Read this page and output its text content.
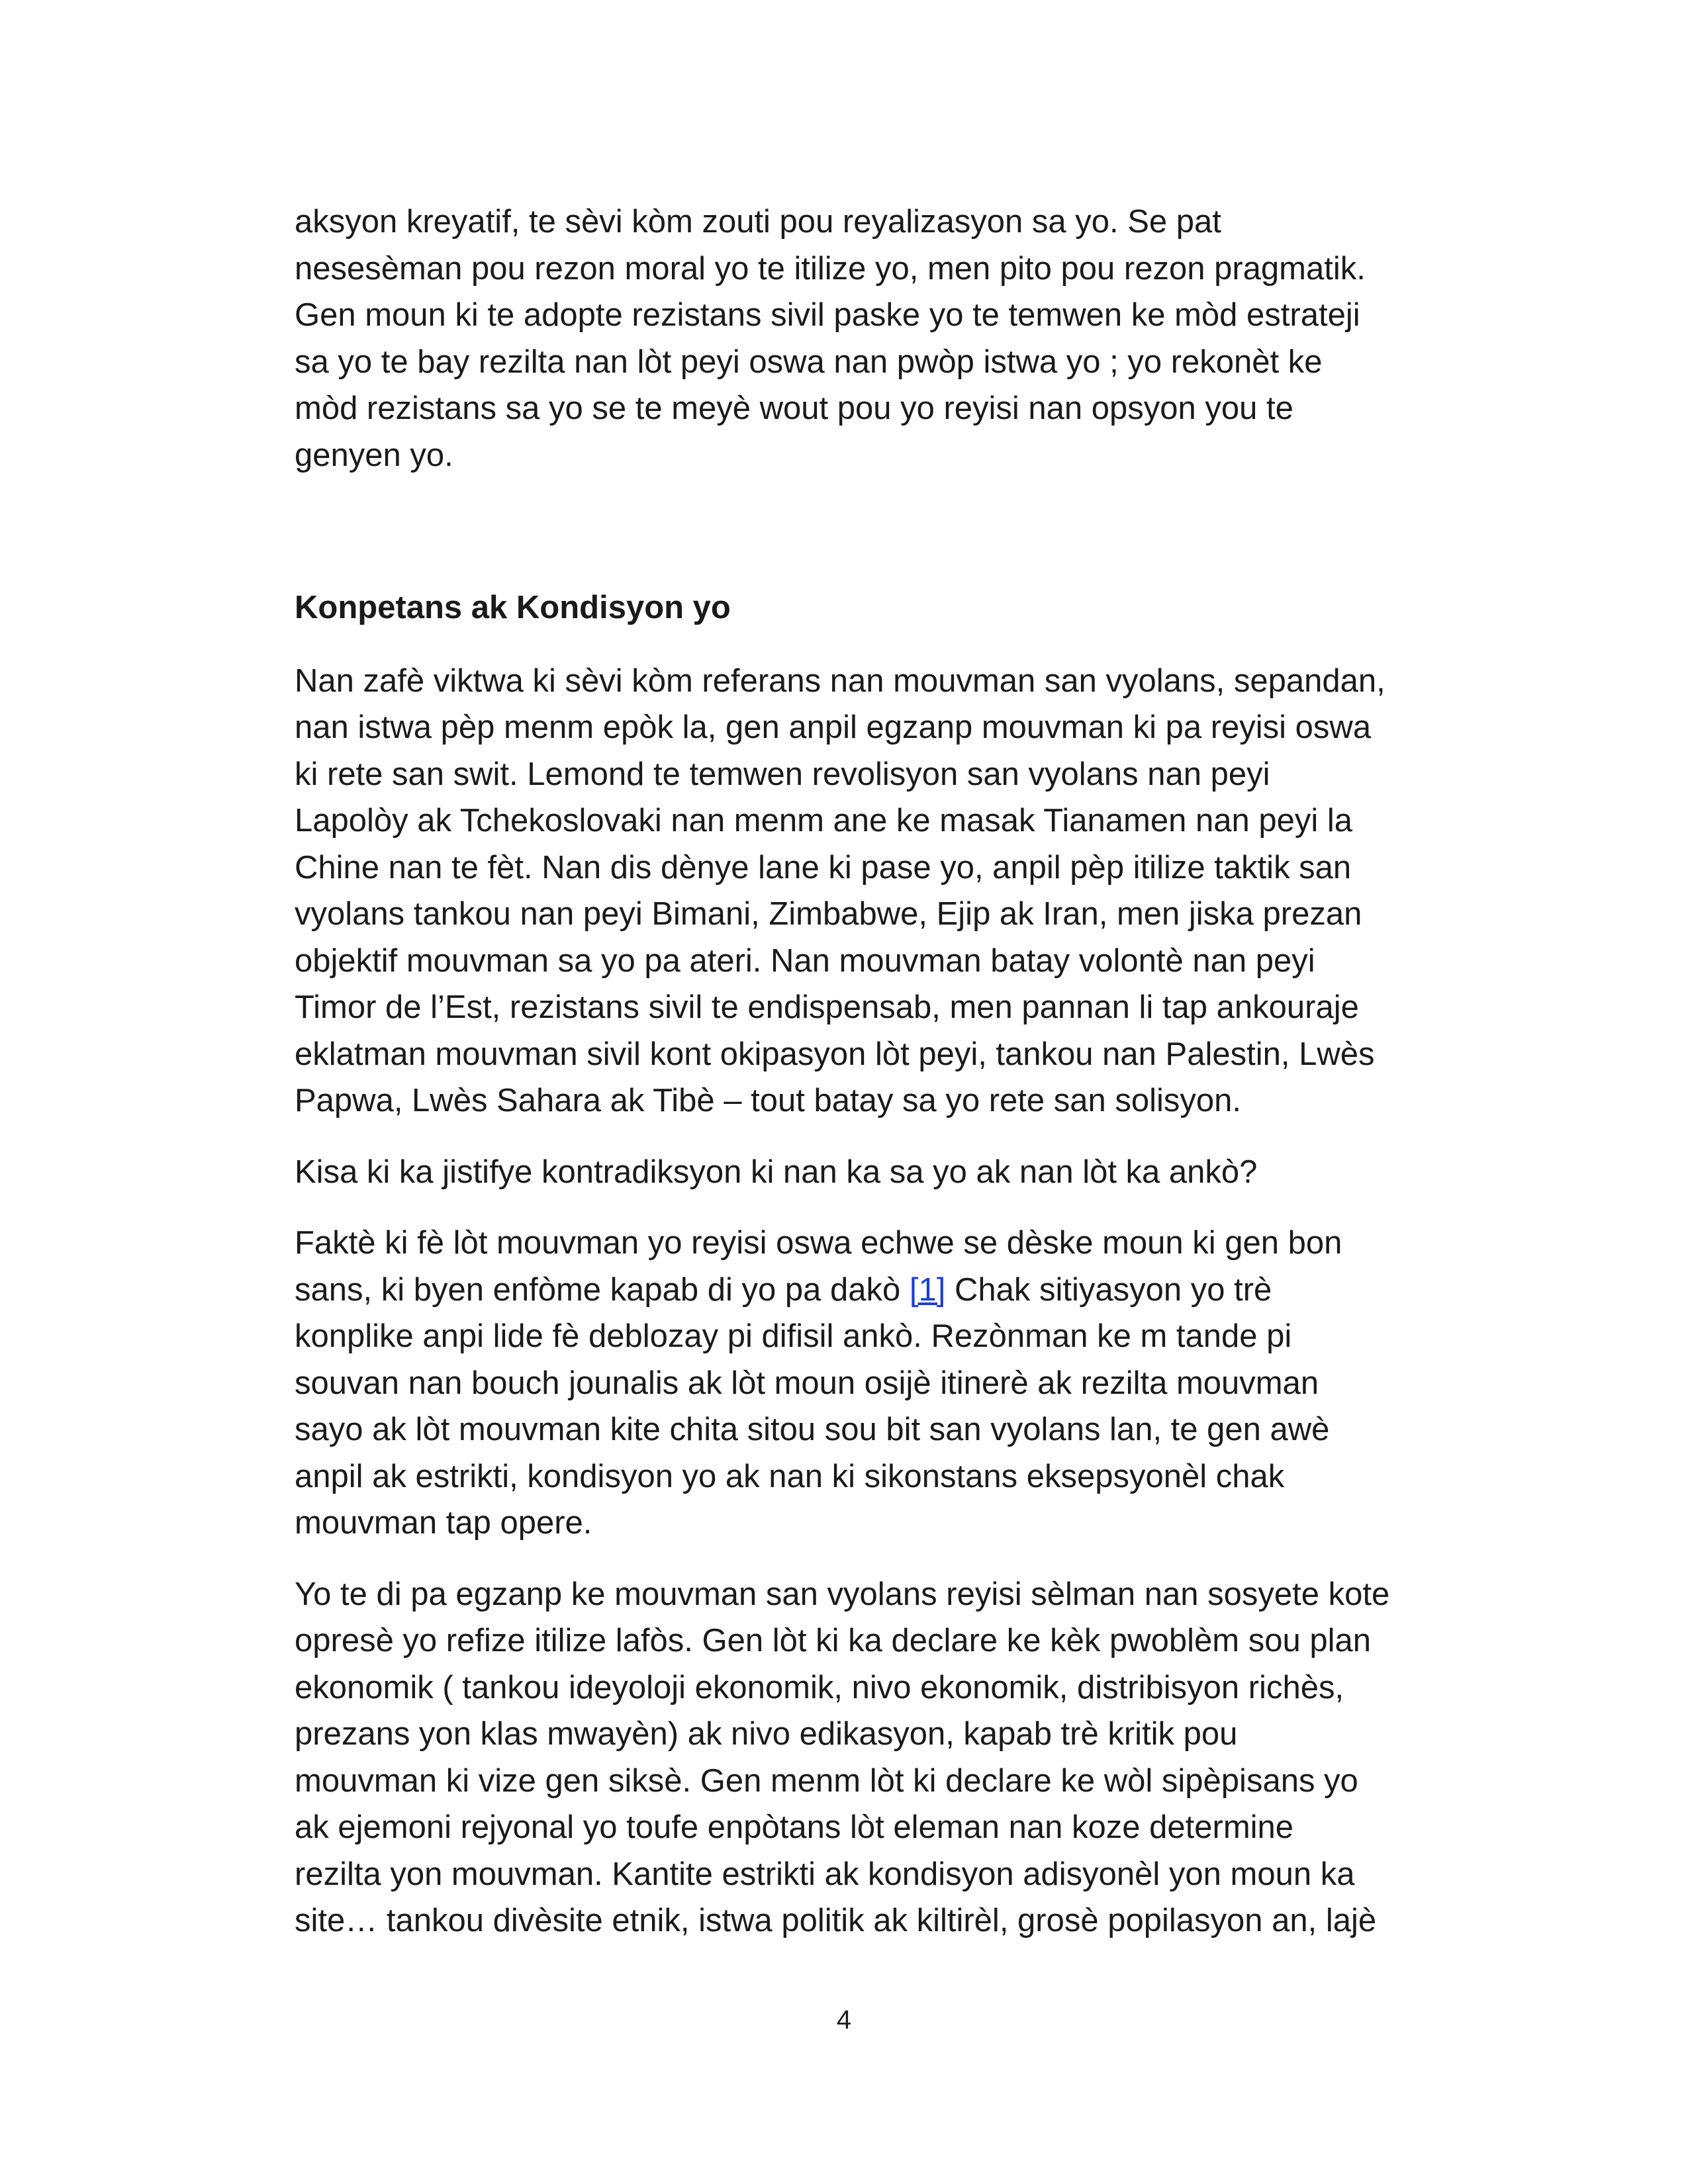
aksyon kreyatif, te sèvi kòm zouti pou reyalizasyon sa yo. Se pat
nesesèman pou rezon moral yo te itilize yo, men pito pou rezon pragmatik.
Gen moun ki te adopte rezistans sivil paske yo te temwen ke mòd estrateji
sa yo te bay rezilta nan lòt peyi oswa nan pwòp istwa yo ; yo rekonèt ke
mòd rezistans sa yo se te meyè wout pou yo reyisi nan opsyon you te
genyen yo.

Konpetans ak Kondisyon yo

Nan zafè viktwa ki sèvi kòm referans nan mouvman san vyolans, sepandan,
nan istwa pèp menm epòk la, gen anpil egzanp mouvman ki pa reyisi oswa
ki rete san swit. Lemond te temwen revolisyon san vyolans nan peyi
Lapolòy ak Tchekoslovaki nan menm ane ke masak Tianamen nan peyi la
Chine nan te fèt. Nan dis dènye lane ki pase yo, anpil pèp itilize taktik san
vyolans tankou nan peyi Bimani, Zimbabwe, Ejip ak Iran, men jiska prezan
objektif mouvman sa yo pa ateri. Nan mouvman batay volontè nan peyi
Timor de l’Est, rezistans sivil te endispensab, men pannan li tap ankouraje
eklatman mouvman sivil kont okipasyon lòt peyi, tankou nan Palestin, Lwès
Papwa, Lwès Sahara ak Tibè – tout batay sa yo rete san solisyon.

Kisa ki ka jistifye kontradiksyon ki nan ka sa yo ak nan lòt ka ankò?

Faktè ki fè lòt mouvman yo reyisi oswa echwe se dèske moun ki gen bon
sans, ki byen enfòme kapab di yo pa dakò [1] Chak sitiyasyon yo trè
konplike anpi lide fè deblozay pi difisil ankò. Rezònman ke m tande pi
souvan nan bouch jounalis ak lòt moun osijè itinerè ak rezilta mouvman
sayo ak lòt mouvman kite chita sitou sou bit san vyolans lan, te gen awè
anpil ak estrikti, kondisyon yo ak nan ki sikonstans eksepsyonèl chak
mouvman tap opere.

Yo te di pa egzanp ke mouvman san vyolans reyisi sèlman nan sosyete kote
opresè yo refize itilize lafòs. Gen lòt ki ka declare ke kèk pwoblèm sou plan
ekonomik ( tankou ideyoloji ekonomik, nivo ekonomik, distribisyon richès,
prezans yon klas mwayèn) ak nivo edikasyon, kapab trè kritik pou
mouvman ki vize gen siksè. Gen menm lòt ki declare ke wòl sipèpisans yo
ak ejemoni rejyonal yo toufe enpòtans lòt eleman nan koze determine
rezilta yon mouvman. Kantite estrikti ak kondisyon adisyonèl yon moun ka
site… tankou divèsite etnik, istwa politik ak kiltirèl, grosè popilasyon an, lajè

4
